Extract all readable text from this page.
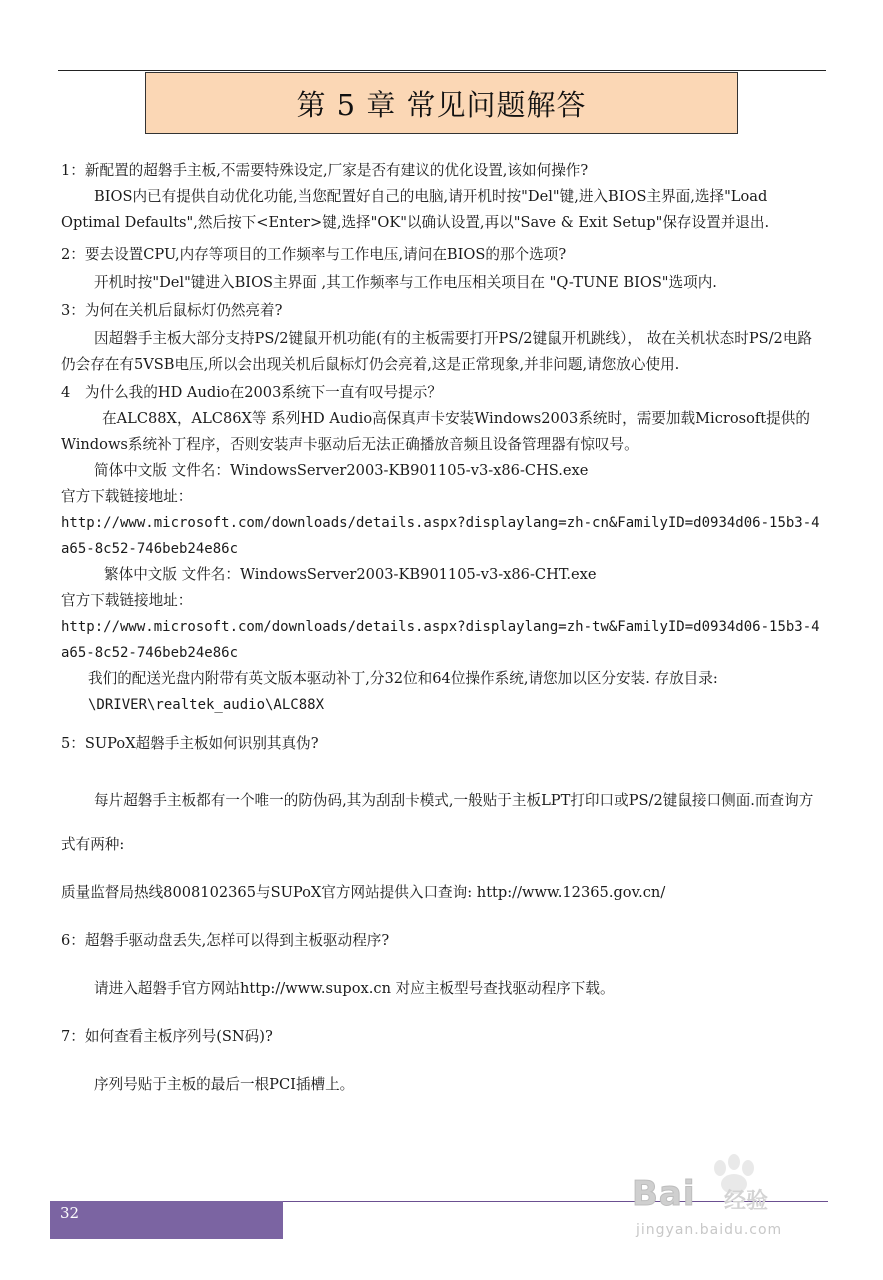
第 5 章 常见问题解答

1：新配置的超磐手主板,不需要特殊设定,厂家是否有建议的优化设置,该如何操作?

BIOS内已有提供自动优化功能,当您配置好自己的电脑,请开机时按"Del"键,进入BIOS主界面,选择"Load Optimal Defaults",然后按下<Enter>键,选择"OK"以确认设置,再以"Save & Exit Setup"保存设置并退出.

2：要去设置CPU,内存等项目的工作频率与工作电压,请问在BIOS的那个选项?

开机时按"Del"键进入BIOS主界面 ,其工作频率与工作电压相关项目在 "Q-TUNE BIOS"选项内.

3：为何在关机后鼠标灯仍然亮着?

因超磐手主板大部分支持PS/2键鼠开机功能(有的主板需要打开PS/2键鼠开机跳线）， 故在关机状态时PS/2电路仍会存在有5VSB电压,所以会出现关机后鼠标灯仍会亮着,这是正常现象,并非问题,请您放心使用.

4　为什么我的HD Audio在2003系统下一直有叹号提示？

在ALC88X，ALC86X等 系列HD Audio高保真声卡安装Windows2003系统时，需要加载Microsoft提供的Windows系统补丁程序，否则安装声卡驱动后无法正确播放音频且设备管理器有惊叹号。

简体中文版 文件名：WindowsServer2003-KB901105-v3-x86-CHS.exe

官方下载链接地址：

http://www.microsoft.com/downloads/details.aspx?displaylang=zh-cn&FamilyID=d0934d06-15b3-4a65-8c52-746beb24e86c

繁体中文版 文件名：WindowsServer2003-KB901105-v3-x86-CHT.exe

官方下载链接地址：

http://www.microsoft.com/downloads/details.aspx?displaylang=zh-tw&FamilyID=d0934d06-15b3-4a65-8c52-746beb24e86c

我们的配送光盘内附带有英文版本驱动补丁,分32位和64位操作系统,请您加以区分安装. 存放目录:

\DRIVER\realtek_audio\ALC88X

5：SUPoX超磐手主板如何识别其真伪?

每片超磐手主板都有一个唯一的防伪码,其为刮刮卡模式,一般贴于主板LPT打印口或PS/2键鼠接口侧面.而查询方式有两种:

质量监督局热线8008102365与SUPoX官方网站提供入口查询: http://www.12365.gov.cn/

6：超磐手驱动盘丢失,怎样可以得到主板驱动程序?

请进入超磐手官方网站http://www.supox.cn 对应主板型号查找驱动程序下载。

7：如何查看主板序列号(SN码)?

序列号贴于主板的最后一根PCI插槽上。

32	Bai 经验
jingyan.baidu.com
